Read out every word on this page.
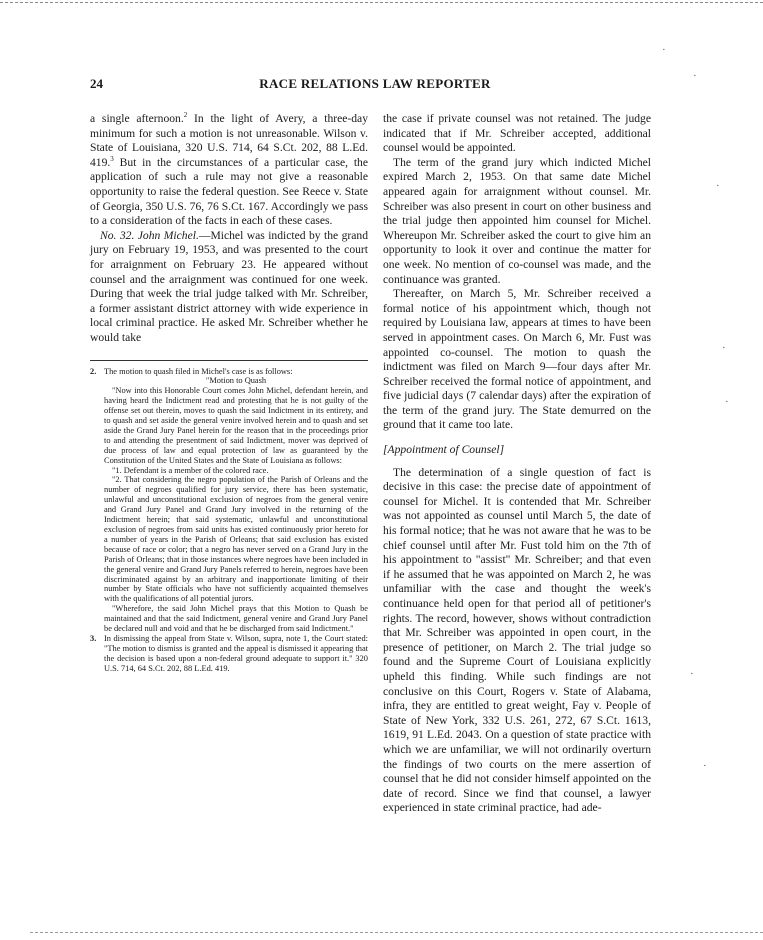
24	RACE RELATIONS LAW REPORTER

a single afternoon.$^2$ In the light of Avery, a three-day minimum for such a motion is not unreasonable. Wilson v. State of Louisiana, 320 U.S. 714, 64 S.Ct. 202, 88 L.Ed. 419.$^3$ But in the circumstances of a particular case, the application of such a rule may not give a reasonable opportunity to raise the federal question. See Reece v. State of Georgia, 350 U.S. 76, 76 S.Ct. 167. Accordingly we pass to a consideration of the facts in each of these cases.

No. 32. John Michel.—Michel was indicted by the grand jury on February 19, 1953, and was presented to the court for arraignment on February 23. He appeared without counsel and the arraignment was continued for one week. During that week the trial judge talked with Mr. Schreiber, a former assistant district attorney with wide experience in local criminal practice. He asked Mr. Schreiber whether he would take

2. The motion to quash filed in Michel's case is as follows:
"Motion to Quash
"Now into this Honorable Court comes John Michel, defendant herein, and having heard the Indictment read and protesting that he is not guilty of the offense set out therein, moves to quash the said Indictment in its entirety, and to quash and set aside the general venire involved herein and to quash and set aside the Grand Jury Panel herein for the reason that in the proceedings prior to and attending the presentment of said Indictment, mover was deprived of due process of law and equal protection of law as guaranteed by the Constitution of the United States and the State of Louisiana as follows:
"1. Defendant is a member of the colored race.
"2. That considering the negro population of the Parish of Orleans and the number of negroes qualified for jury service, there has been systematic, unlawful and unconstitutional exclusion of negroes from the general venire and Grand Jury Panel and Grand Jury involved in the returning of the Indictment herein; that said systematic, unlawful and unconstitutional exclusion of negroes from said units has existed continuously prior hereto for a number of years in the Parish of Orleans; that said exclusion has existed because of race or color; that a negro has never served on a Grand Jury in the Parish of Orleans; that in those instances where negroes have been included in the general venire and Grand Jury Panels referred to herein, negroes have been discriminated against by an arbitrary and inapportionate limiting of their number by State officials who have not sufficiently acquainted themselves with the qualifications of all potential jurors.
"Wherefore, the said John Michel prays that this Motion to Quash be maintained and that the said Indictment, general venire and Grand Jury Panel be declared null and void and that he be discharged from said Indictment."
3. In dismissing the appeal from State v. Wilson, supra, note 1, the Court stated: "The motion to dismiss is granted and the appeal is dismissed it appearing that the decision is based upon a non-federal ground adequate to support it." 320 U.S. 714, 64 S.Ct. 202, 88 L.Ed. 419.

the case if private counsel was not retained. The judge indicated that if Mr. Schreiber accepted, additional counsel would be appointed.

The term of the grand jury which indicted Michel expired March 2, 1953. On that same date Michel appeared again for arraignment without counsel. Mr. Schreiber was also present in court on other business and the trial judge then appointed him counsel for Michel. Whereupon Mr. Schreiber asked the court to give him an opportunity to look it over and continue the matter for one week. No mention of co-counsel was made, and the continuance was granted.

Thereafter, on March 5, Mr. Schreiber received a formal notice of his appointment which, though not required by Louisiana law, appears at times to have been served in appointment cases. On March 6, Mr. Fust was appointed co-counsel. The motion to quash the indictment was filed on March 9—four days after Mr. Schreiber received the formal notice of appointment, and five judicial days (7 calendar days) after the expiration of the term of the grand jury. The State demurred on the ground that it came too late.

[Appointment of Counsel]

The determination of a single question of fact is decisive in this case: the precise date of appointment of counsel for Michel. It is contended that Mr. Schreiber was not appointed as counsel until March 5, the date of his formal notice; that he was not aware that he was to be chief counsel until after Mr. Fust told him on the 7th of his appointment to "assist" Mr. Schreiber; and that even if he assumed that he was appointed on March 2, he was unfamiliar with the case and thought the week's continuance held open for that period all of petitioner's rights. The record, however, shows without contradiction that Mr. Schreiber was appointed in open court, in the presence of petitioner, on March 2. The trial judge so found and the Supreme Court of Louisiana explicitly upheld this finding. While such findings are not conclusive on this Court, Rogers v. State of Alabama, infra, they are entitled to great weight, Fay v. People of State of New York, 332 U.S. 261, 272, 67 S.Ct. 1613, 1619, 91 L.Ed. 2043. On a question of state practice with which we are unfamiliar, we will not ordinarily overturn the findings of two courts on the mere assertion of counsel that he did not consider himself appointed on the date of record. Since we find that counsel, a lawyer experienced in state criminal practice, had ade-

·
·
·
·
·
·
·
